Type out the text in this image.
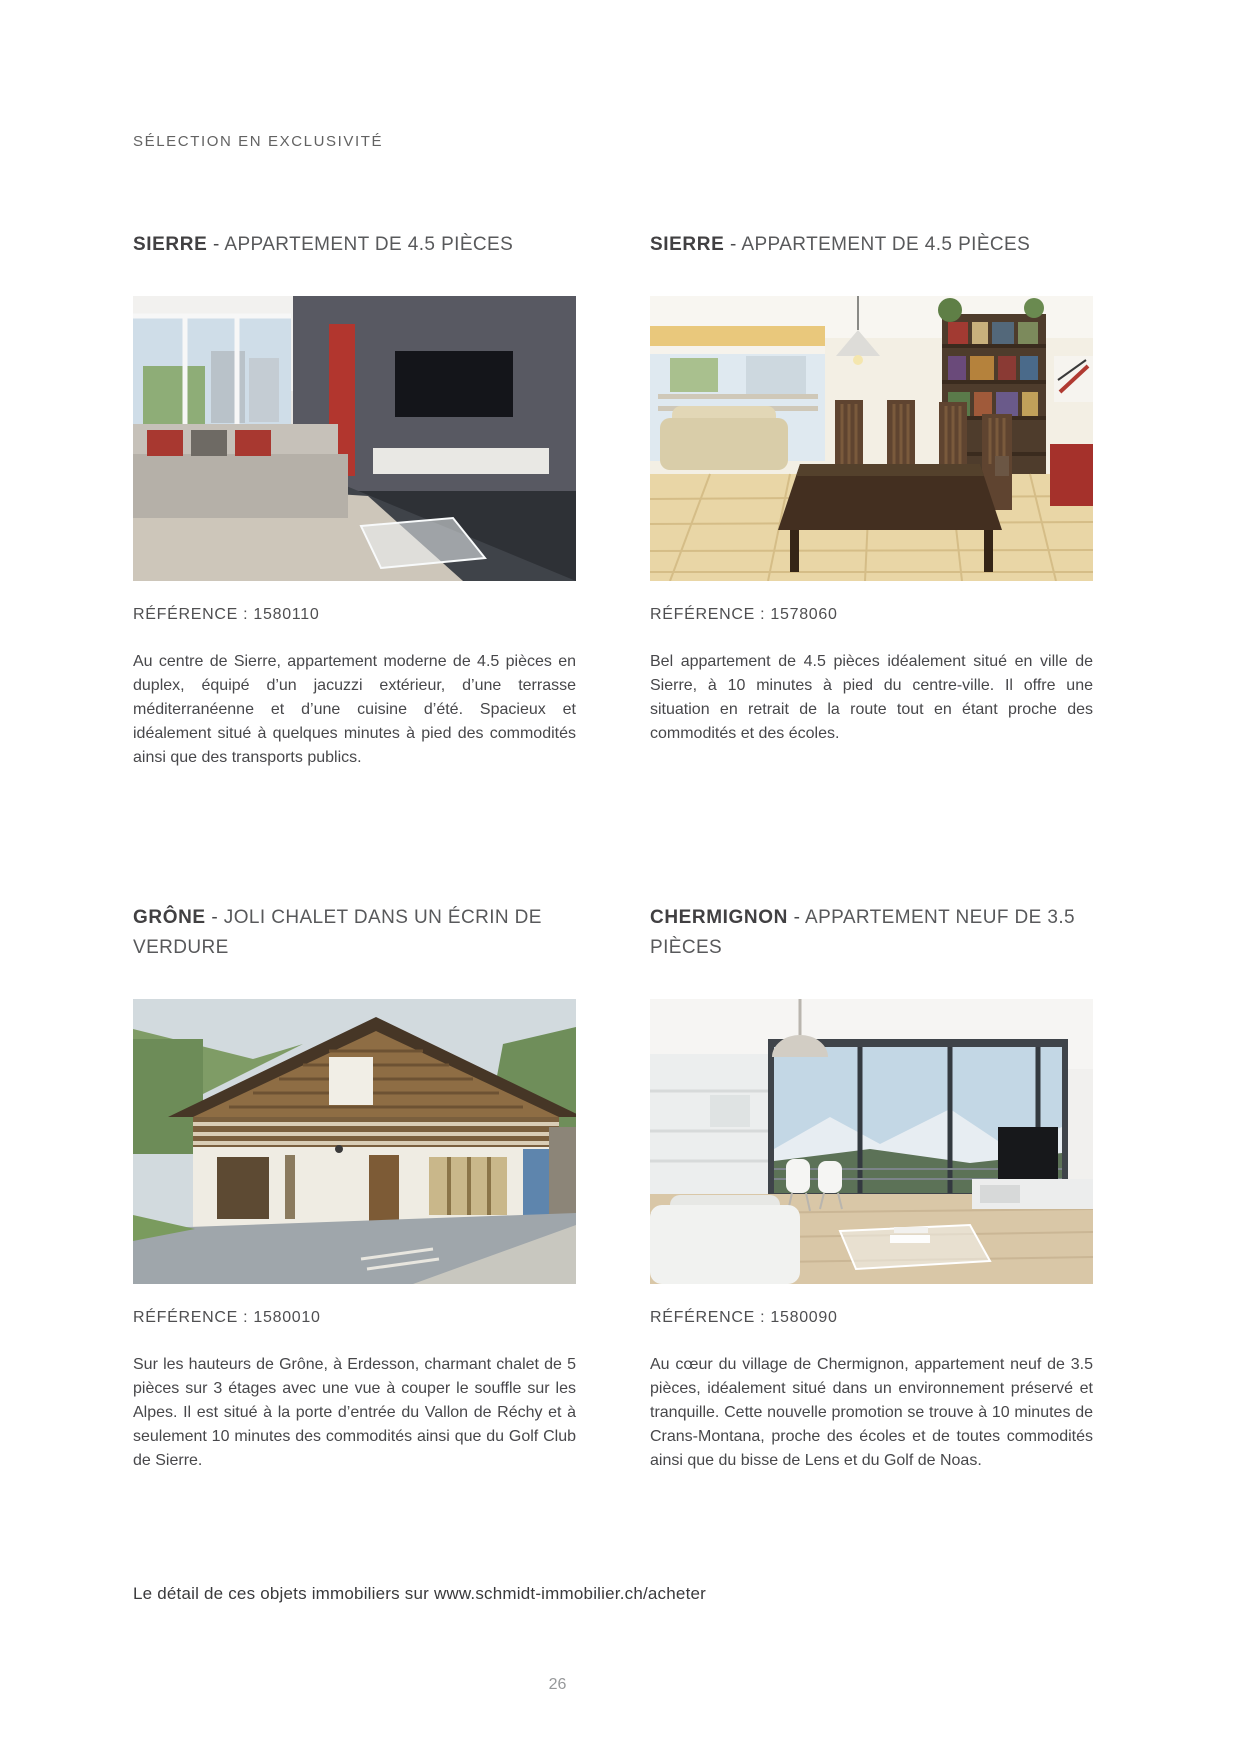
SÉLECTION EN EXCLUSIVITÉ
SIERRE - APPARTEMENT DE 4.5 PIÈCES
RÉFÉRENCE : 1580110
Au centre de Sierre, appartement moderne de 4.5 pièces en duplex, équipé d’un jacuzzi extérieur, d’une terrasse méditerranéenne et d’une cuisine d’été. Spacieux et idéalement situé à quelques minutes à pied des commodités ainsi que des transports publics.
SIERRE - APPARTEMENT DE 4.5 PIÈCES
RÉFÉRENCE : 1578060
Bel appartement de 4.5 pièces idéalement situé en ville de Sierre, à 10 minutes à pied du centre-ville. Il offre une situation en retrait de la route tout en étant proche des commodités et des écoles.
GRÔNE - JOLI CHALET DANS UN ÉCRIN DE VERDURE
RÉFÉRENCE : 1580010
Sur les hauteurs de Grône, à Erdesson, charmant chalet de 5 pièces sur 3 étages avec une vue à couper le souffle sur les Alpes. Il est situé à la porte d’entrée du Vallon de Réchy et à seulement 10 minutes des commodités ainsi que du Golf Club de Sierre.
CHERMIGNON - APPARTEMENT NEUF DE 3.5 PIÈCES
RÉFÉRENCE : 1580090
Au cœur du village de Chermignon, appartement neuf de 3.5 pièces, idéalement situé dans un environnement préservé et tranquille. Cette nouvelle promotion se trouve à 10 minutes de Crans-Montana, proche des écoles et de toutes commodités ainsi que du bisse de Lens et du Golf de Noas.
Le détail de ces objets immobiliers sur www.schmidt-immobilier.ch/acheter
26
